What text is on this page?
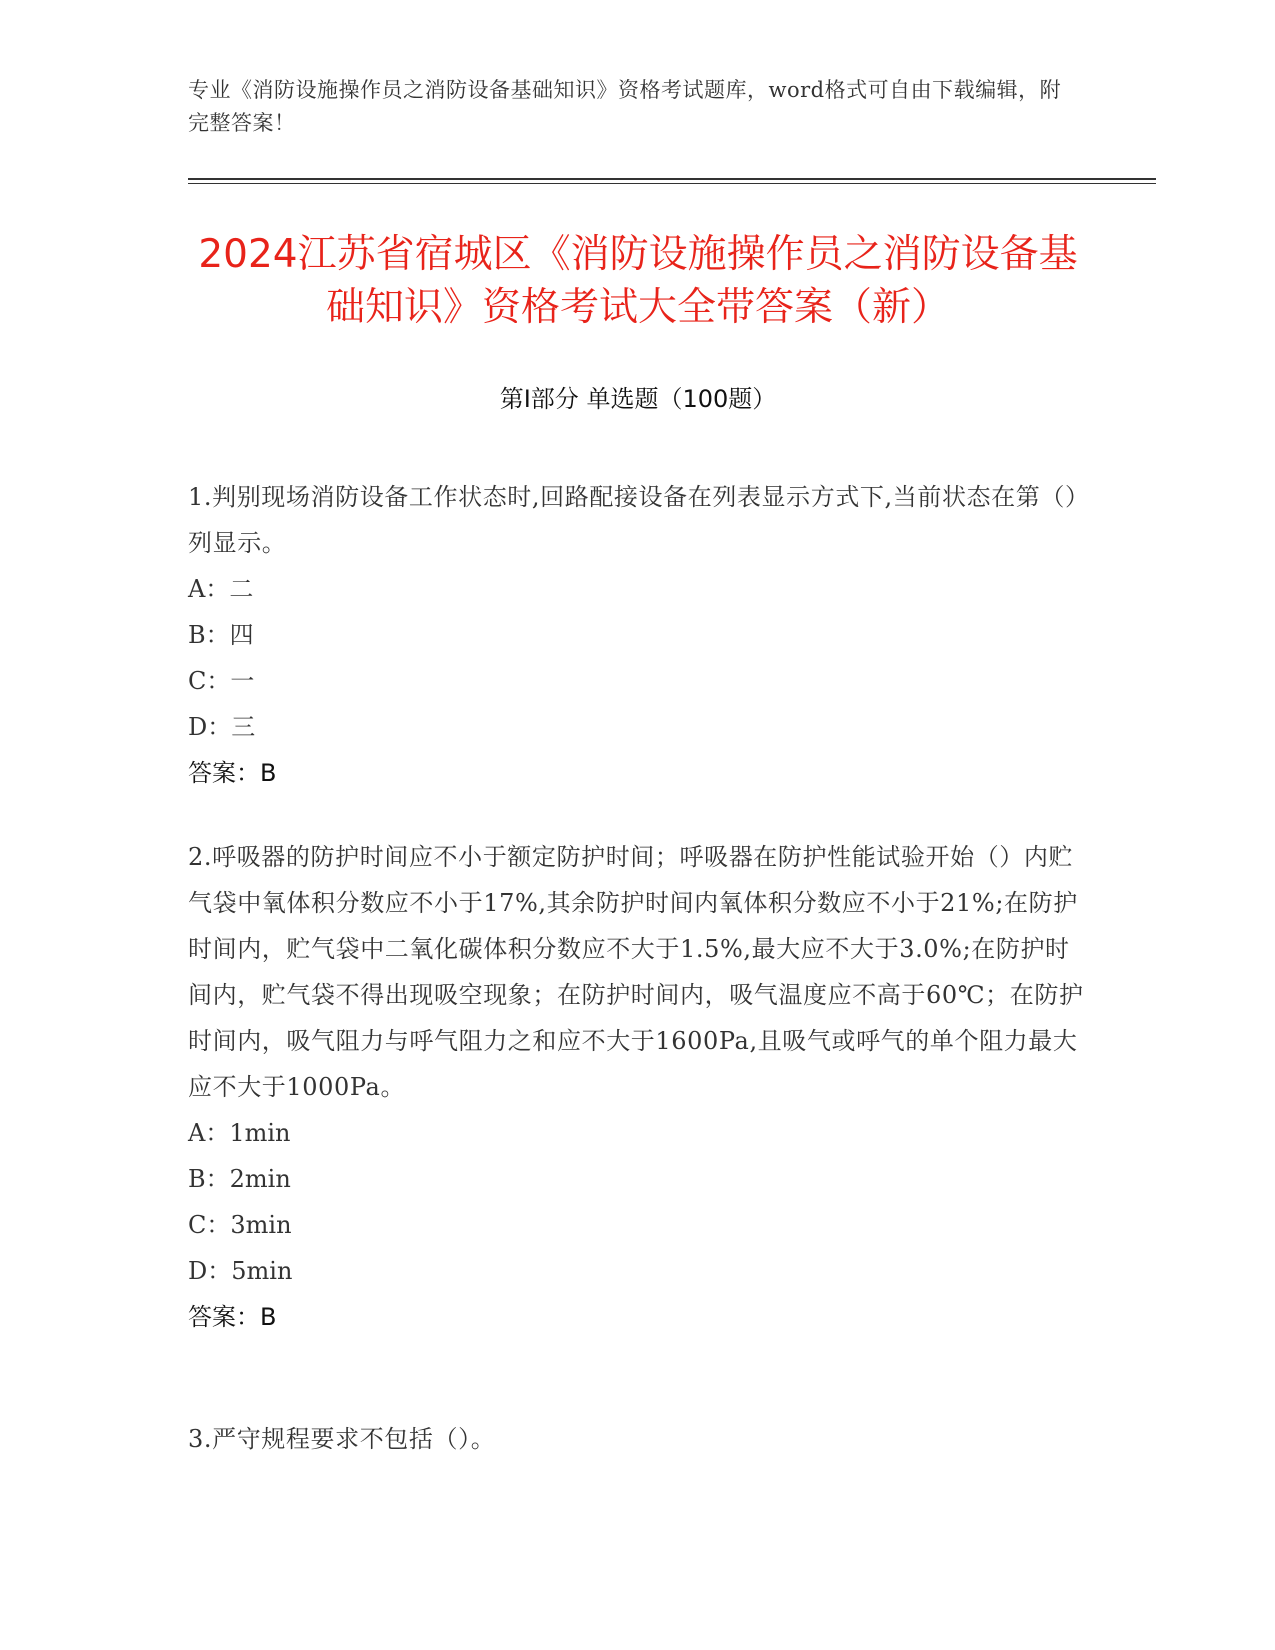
专业《消防设施操作员之消防设备基础知识》资格考试题库，word格式可自由下载编辑，附完整答案！
2024江苏省宿城区《消防设施操作员之消防设备基础知识》资格考试大全带答案（新）
第Ⅰ部分 单选题（100题）
1.判别现场消防设备工作状态时,回路配接设备在列表显示方式下,当前状态在第（）列显示。
A：二
B：四
C：一
D：三
答案：B
2.呼吸器的防护时间应不小于额定防护时间；呼吸器在防护性能试验开始（）内贮气袋中氧体积分数应不小于17%,其余防护时间内氧体积分数应不小于21%;在防护时间内，贮气袋中二氧化碳体积分数应不大于1.5%,最大应不大于3.0%;在防护时间内，贮气袋不得出现吸空现象；在防护时间内，吸气温度应不高于60℃；在防护时间内，吸气阻力与呼气阻力之和应不大于1600Pa,且吸气或呼气的单个阻力最大应不大于1000Pa。
A：1min
B：2min
C：3min
D：5min
答案：B
3.严守规程要求不包括（）。
